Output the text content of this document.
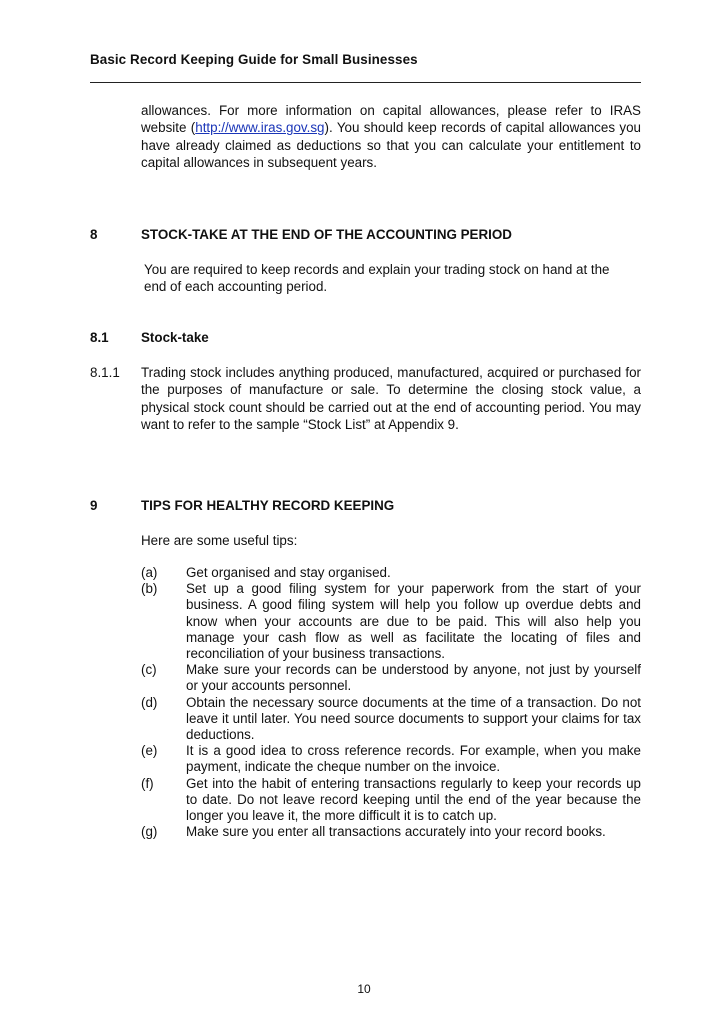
Basic Record Keeping Guide for Small Businesses

allowances. For more information on capital allowances, please refer to IRAS website (http://www.iras.gov.sg). You should keep records of capital allowances you have already claimed as deductions so that you can calculate your entitlement to capital allowances in subsequent years.

8	STOCK-TAKE AT THE END OF THE ACCOUNTING PERIOD

You are required to keep records and explain your trading stock on hand at the end of each accounting period.

8.1 Stock-take
8.1.1 Trading stock includes anything produced, manufactured, acquired or purchased for the purposes of manufacture or sale. To determine the closing stock value, a physical stock count should be carried out at the end of accounting period. You may want to refer to the sample “Stock List” at Appendix 9.

9	TIPS FOR HEALTHY RECORD KEEPING

Here are some useful tips:

(a)	Get organised and stay organised.
(b)	Set up a good filing system for your paperwork from the start of your business. A good filing system will help you follow up overdue debts and know when your accounts are due to be paid. This will also help you manage your cash flow as well as facilitate the locating of files and reconciliation of your business transactions.
(c)	Make sure your records can be understood by anyone, not just by yourself or your accounts personnel.
(d)	Obtain the necessary source documents at the time of a transaction. Do not leave it until later. You need source documents to support your claims for tax deductions.
(e)	It is a good idea to cross reference records. For example, when you make payment, indicate the cheque number on the invoice.
(f)	Get into the habit of entering transactions regularly to keep your records up to date. Do not leave record keeping until the end of the year because the longer you leave it, the more difficult it is to catch up.
(g)	Make sure you enter all transactions accurately into your record books.
10
